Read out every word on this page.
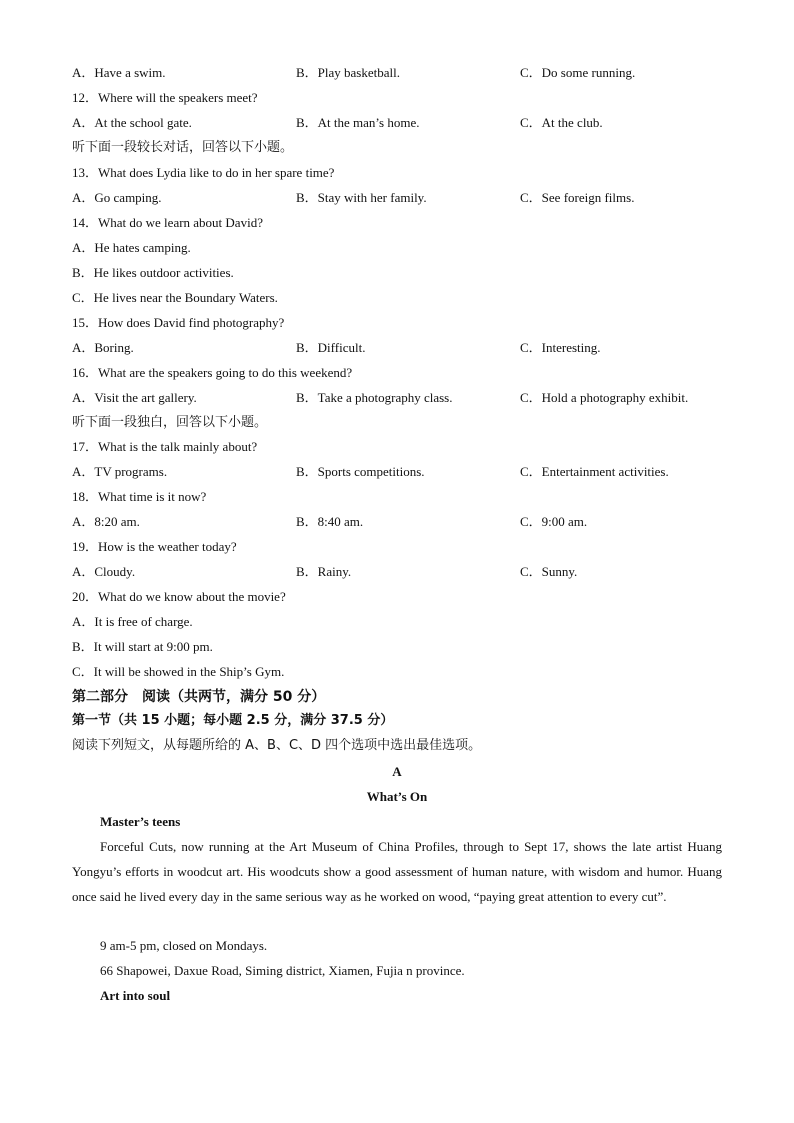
A．Have a swim.	B．Play basketball.	C．Do some running.
12．Where will the speakers meet?
A．At the school gate.	B．At the man’s home.	C．At the club.
听下面一段较长对话，回答以下小题。
13．What does Lydia like to do in her spare time?
A．Go camping.	B．Stay with her family.	C．See foreign films.
14．What do we learn about David?
A．He hates camping.
B．He likes outdoor activities.
C．He lives near the Boundary Waters.
15．How does David find photography?
A．Boring.	B．Difficult.	C．Interesting.
16．What are the speakers going to do this weekend?
A．Visit the art gallery.	B．Take a photography class.	C．Hold a photography exhibit.
听下面一段独白，回答以下小题。
17．What is the talk mainly about?
A．TV programs.	B．Sports competitions.	C．Entertainment activities.
18．What time is it now?
A．8:20 am.	B．8:40 am.	C．9:00 am.
19．How is the weather today?
A．Cloudy.	B．Rainy.	C．Sunny.
20．What do we know about the movie?
A．It is free of charge.
B．It will start at 9:00 pm.
C．It will be showed in the Ship’s Gym.
第二部分　阅读（共两节，满分 50 分）
第一节（共 15 小题；每小题 2.5 分，满分 37.5 分）
阅读下列短文，从每题所给的 A、B、C、D 四个选项中选出最佳选项。
A
What’s On
Master’s teens
Forceful Cuts, now running at the Art Museum of China Profiles, through to Sept 17, shows the late artist Huang Yongyu’s efforts in woodcut art. His woodcuts show a good assessment of human nature, with wisdom and humor. Huang once said he lived every day in the same serious way as he worked on wood, “paying great attention to every cut”.
9 am-5 pm, closed on Mondays.
66 Shapowei, Daxue Road, Siming district, Xiamen, Fujia n province.
Art into soul
